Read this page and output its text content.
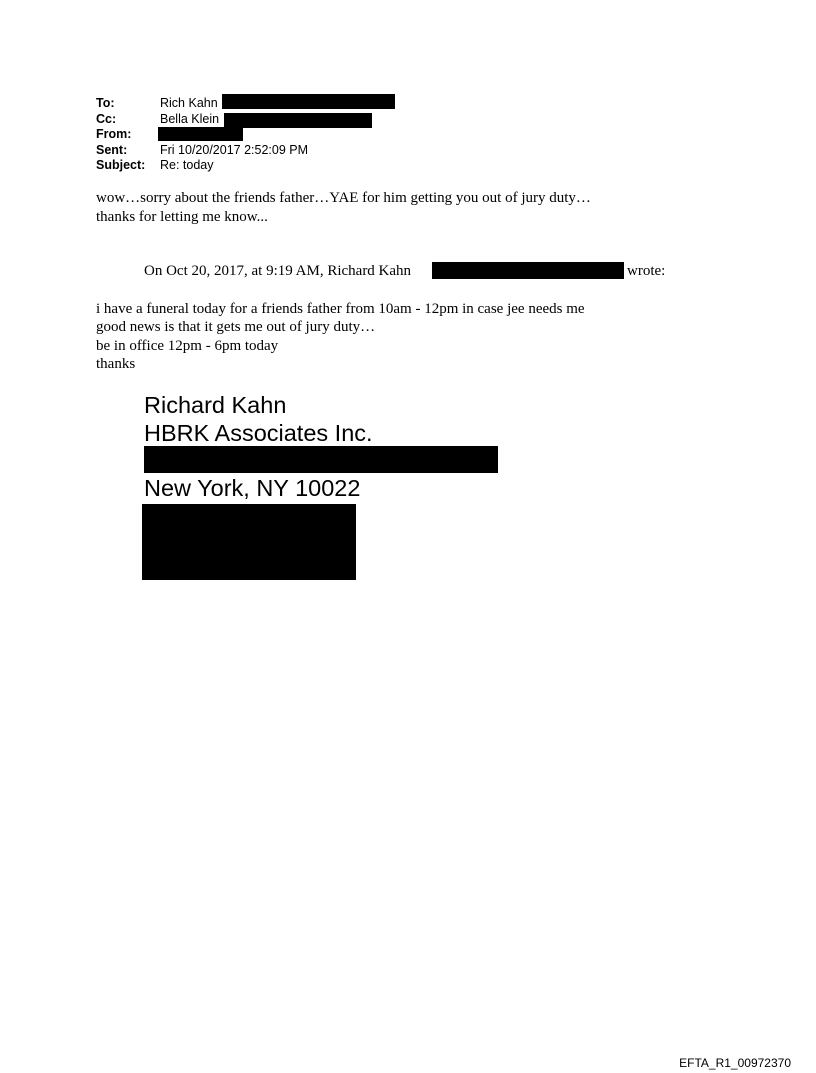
To:	Rich Kahn
Cc:	Bella Klein
From:
Sent:	Fri 10/20/2017 2:52:09 PM
Subject: Re: today
wow…sorry about the friends father…YAE for him getting you out of jury duty…
thanks for letting me know...
On Oct 20, 2017, at 9:19 AM, Richard Kahn	wrote:
i have a funeral today for a friends father from 10am - 12pm in case jee needs me
good news is that it gets me out of jury duty…
be in office 12pm - 6pm today
thanks
Richard Kahn
HBRK Associates Inc.
New York, NY 10022
EFTA_R1_00972370
